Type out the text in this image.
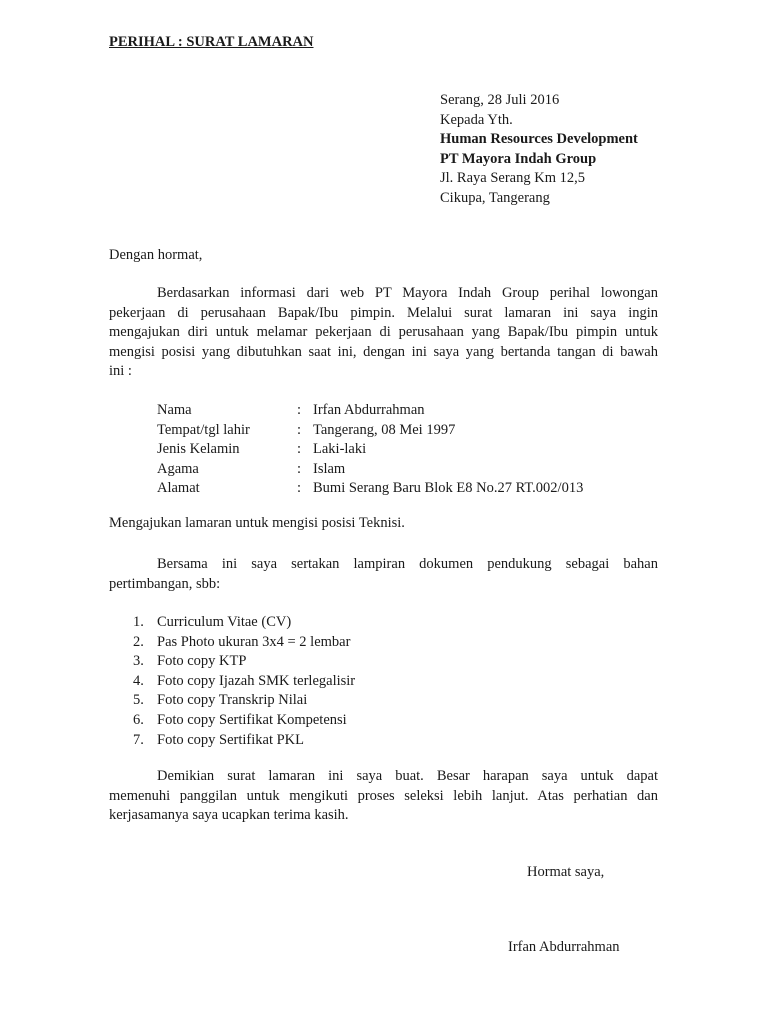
PERIHAL : SURAT LAMARAN
Serang, 28 Juli 2016
Kepada Yth.
Human Resources Development
PT Mayora Indah Group
Jl. Raya Serang Km 12,5
Cikupa, Tangerang
Dengan hormat,
Berdasarkan informasi dari web PT Mayora Indah Group perihal lowongan
pekerjaan di perusahaan Bapak/Ibu pimpin. Melalui surat lamaran ini saya ingin
mengajukan diri untuk melamar pekerjaan di perusahaan yang Bapak/Ibu pimpin untuk
mengisi posisi yang dibutuhkan saat ini, dengan ini saya yang bertanda tangan di bawah
ini :
Nama	: Irfan Abdurrahman
Tempat/tgl lahir	: Tangerang, 08 Mei 1997
Jenis Kelamin	: Laki-laki
Agama	: Islam
Alamat	: Bumi Serang Baru Blok E8 No.27 RT.002/013
Mengajukan lamaran untuk mengisi posisi Teknisi.
Bersama ini saya sertakan lampiran dokumen pendukung sebagai bahan
pertimbangan, sbb:
1. Curriculum Vitae (CV)
2. Pas Photo ukuran 3x4 = 2 lembar
3. Foto copy KTP
4. Foto copy Ijazah SMK terlegalisir
5. Foto copy Transkrip Nilai
6. Foto copy Sertifikat Kompetensi
7. Foto copy Sertifikat PKL
Demikian surat lamaran ini saya buat. Besar harapan saya untuk dapat
memenuhi panggilan untuk mengikuti proses seleksi lebih lanjut. Atas perhatian dan
kerjasamanya saya ucapkan terima kasih.
Hormat saya,
Irfan Abdurrahman
